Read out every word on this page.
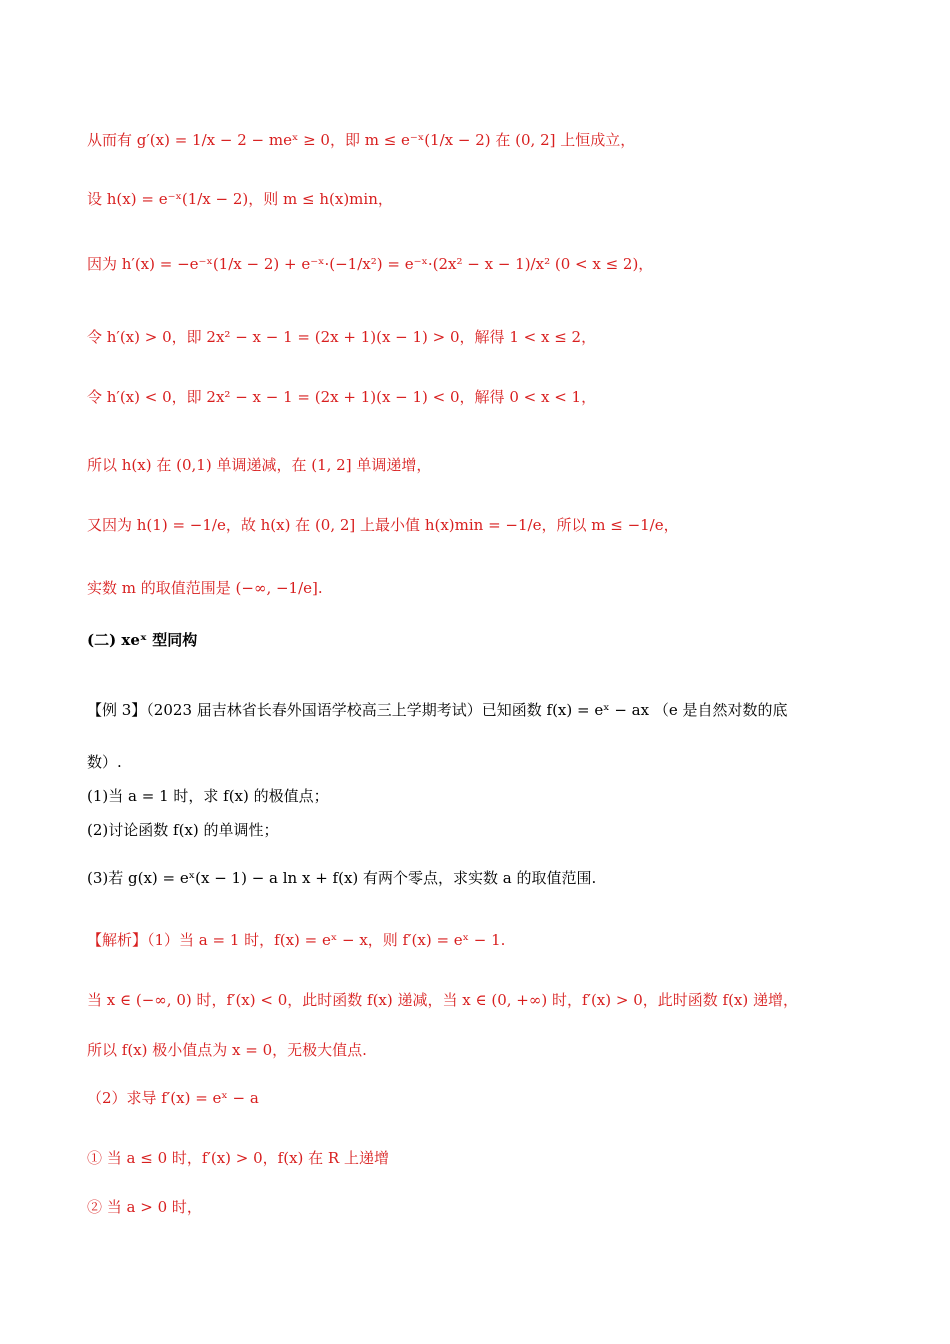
从而有 g′(x) = 1/x − 2 − meˣ ≥ 0，即 m ≤ e⁻ˣ(1/x − 2) 在 (0, 2] 上恒成立，
设 h(x) = e⁻ˣ(1/x − 2)，则 m ≤ h(x)min，
因为 h′(x) = −e⁻ˣ(1/x − 2) + e⁻ˣ·(−1/x²) = e⁻ˣ·(2x² − x − 1)/x² (0 < x ≤ 2)，
令 h′(x) > 0，即 2x² − x − 1 = (2x + 1)(x − 1) > 0，解得 1 < x ≤ 2，
令 h′(x) < 0，即 2x² − x − 1 = (2x + 1)(x − 1) < 0，解得 0 < x < 1，
所以 h(x) 在 (0,1) 单调递减，在 (1, 2] 单调递增，
又因为 h(1) = −1/e，故 h(x) 在 (0, 2] 上最小值 h(x)min = −1/e，所以 m ≤ −1/e，
实数 m 的取值范围是 (−∞, −1/e].
(二) xeˣ 型同构
【例 3】（2023 届吉林省长春外国语学校高三上学期考试）已知函数 f(x) = eˣ − ax （e 是自然对数的底
数）.
(1)当 a = 1 时，求 f(x) 的极值点；
(2)讨论函数 f(x) 的单调性；
(3)若 g(x) = eˣ(x − 1) − a ln x + f(x) 有两个零点，求实数 a 的取值范围.
【解析】（1）当 a = 1 时，f(x) = eˣ − x，则 f′(x) = eˣ − 1.
当 x ∈ (−∞, 0) 时，f′(x) < 0，此时函数 f(x) 递减，当 x ∈ (0, +∞) 时，f′(x) > 0，此时函数 f(x) 递增，
所以 f(x) 极小值点为 x = 0，无极大值点.
（2）求导 f′(x) = eˣ − a
① 当 a ≤ 0 时，f′(x) > 0，f(x) 在 R 上递增
② 当 a > 0 时，
